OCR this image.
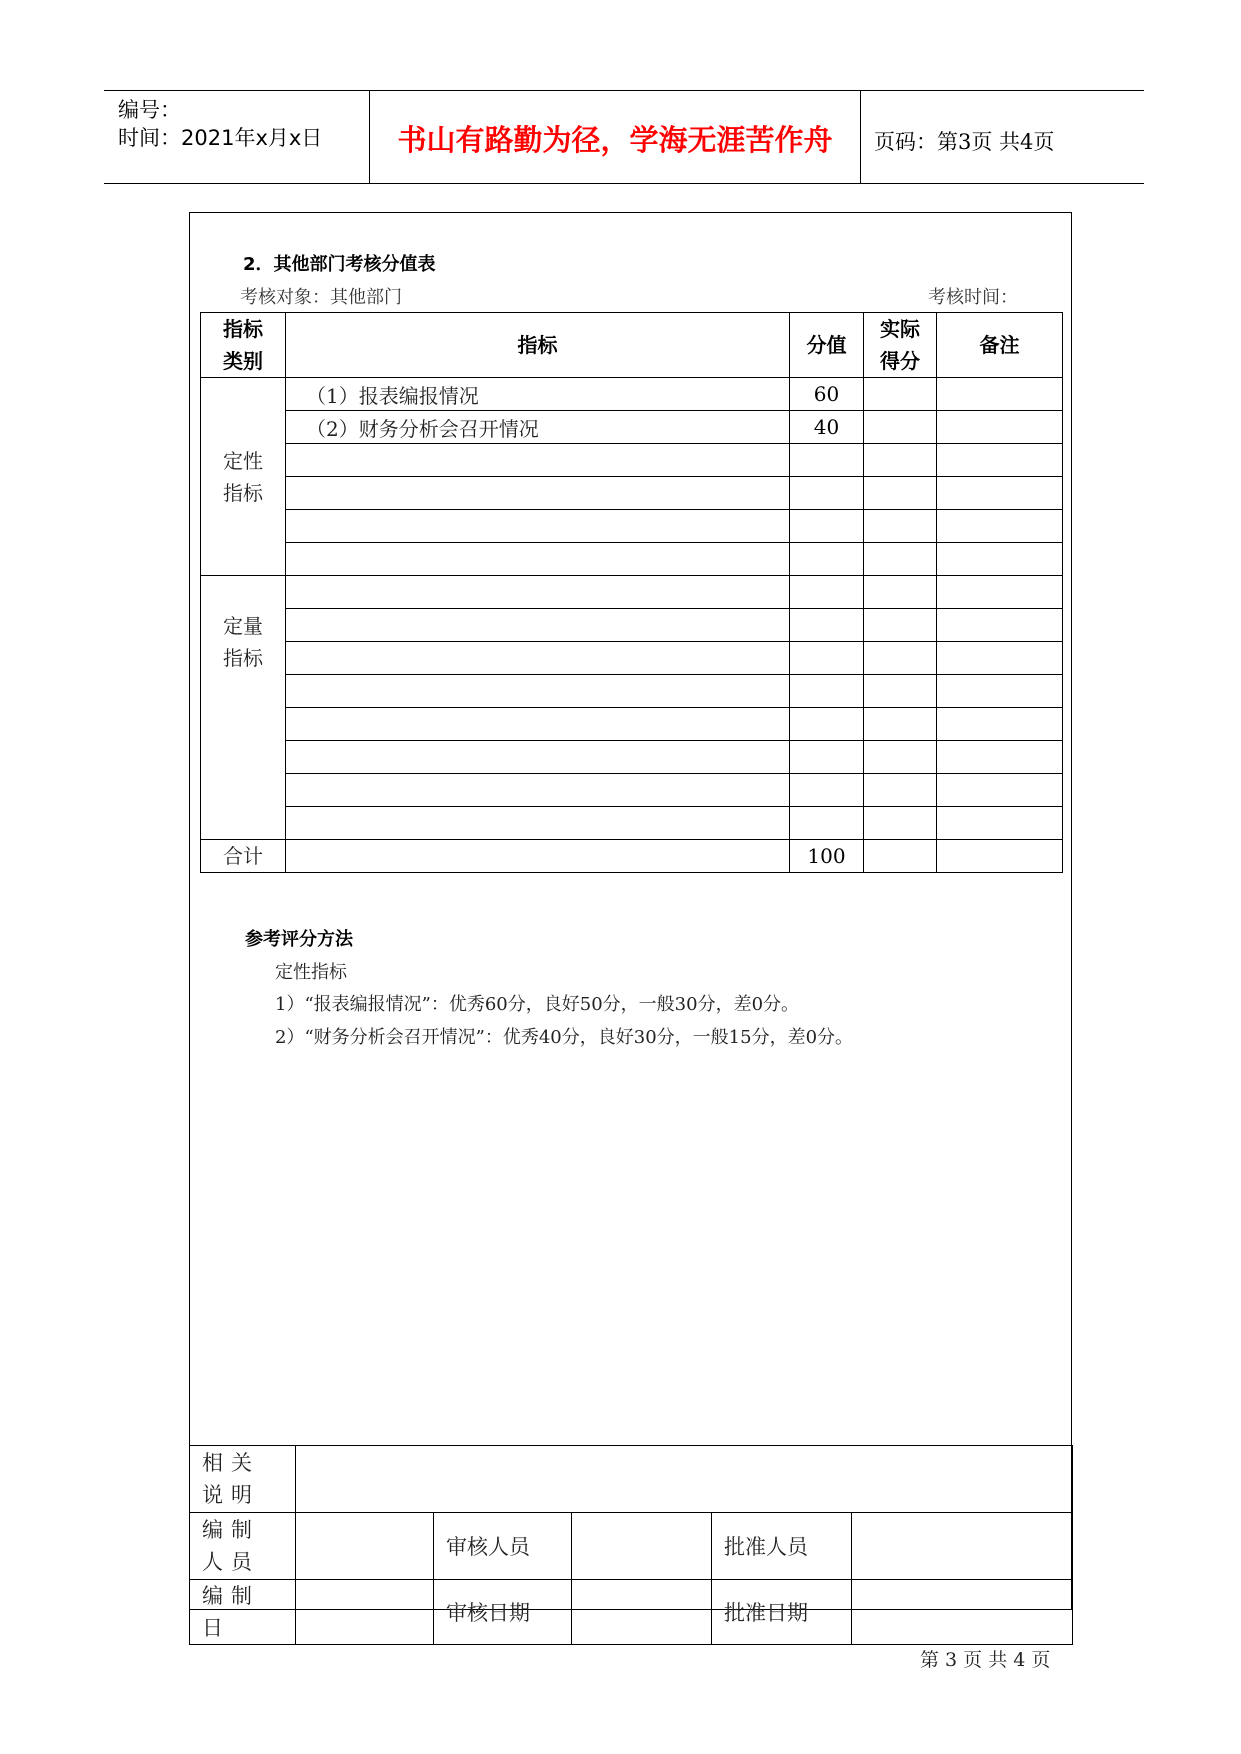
编号：
时间：2021年x月x日	书山有路勤为径，学海无涯苦作舟	页码：第3页 共4页
2．其他部门考核分值表
考核对象：其他部门	考核时间：
指标类别	指标	分值	实际得分	备注

定性指标	（1）报表编报情况	60		
	（2）财务分析会召开情况	40		

定量指标				

合计		100		
参考评分方法
定性指标
1）“报表编报情况”：优秀60分，良好50分，一般30分，差0分。
2）“财务分析会召开情况”：优秀40分，良好30分，一般15分，差0分。
相关说明					
编制人员		审核人员		批准人员	
编制日		审核日期		批准日期	
第 3 页 共 4 页
